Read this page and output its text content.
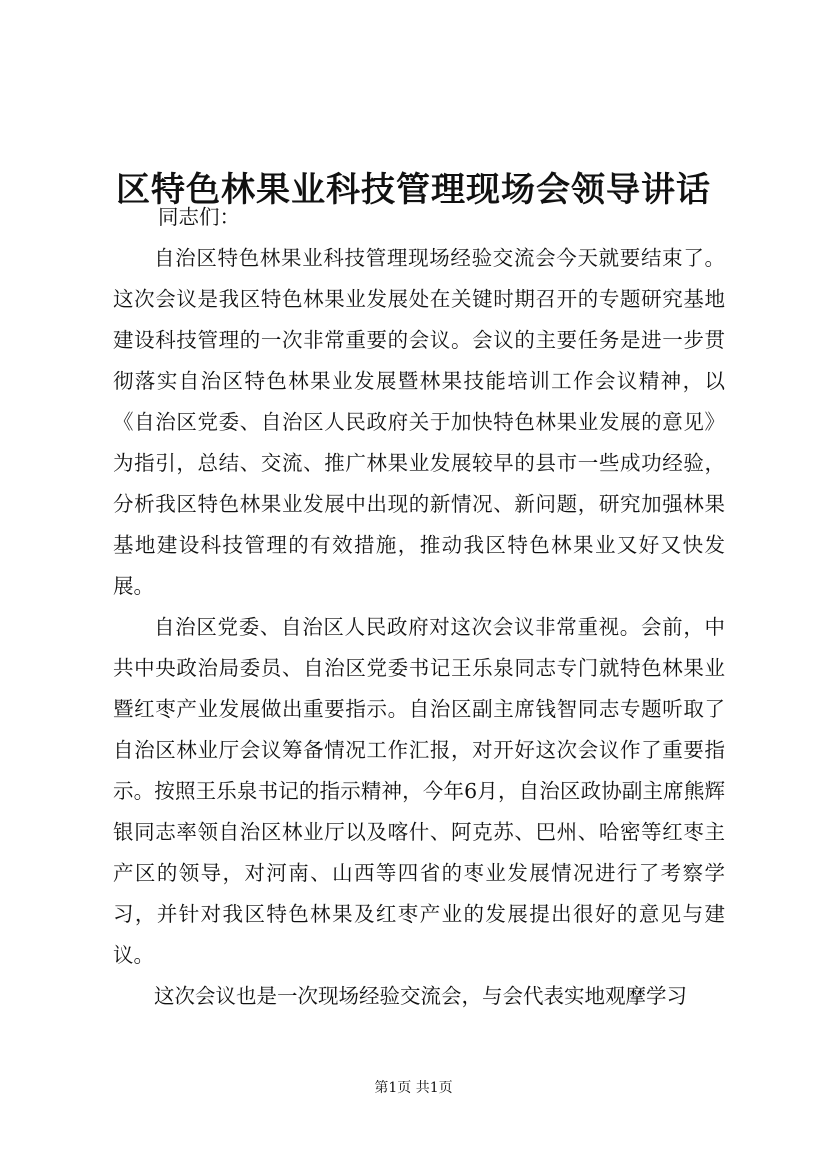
区特色林果业科技管理现场会领导讲话

同志们：

自治区特色林果业科技管理现场经验交流会今天就要结束了。这次会议是我区特色林果业发展处在关键时期召开的专题研究基地建设科技管理的一次非常重要的会议。会议的主要任务是进一步贯彻落实自治区特色林果业发展暨林果技能培训工作会议精神，以《自治区党委、自治区人民政府关于加快特色林果业发展的意见》为指引，总结、交流、推广林果业发展较早的县市一些成功经验，分析我区特色林果业发展中出现的新情况、新问题，研究加强林果基地建设科技管理的有效措施，推动我区特色林果业又好又快发展。

自治区党委、自治区人民政府对这次会议非常重视。会前，中共中央政治局委员、自治区党委书记王乐泉同志专门就特色林果业暨红枣产业发展做出重要指示。自治区副主席钱智同志专题听取了自治区林业厅会议筹备情况工作汇报，对开好这次会议作了重要指示。按照王乐泉书记的指示精神，今年6月，自治区政协副主席熊辉银同志率领自治区林业厅以及喀什、阿克苏、巴州、哈密等红枣主产区的领导，对河南、山西等四省的枣业发展情况进行了考察学习，并针对我区特色林果及红枣产业的发展提出很好的意见与建议。

这次会议也是一次现场经验交流会，与会代表实地观摩学习

第1页 共1页
